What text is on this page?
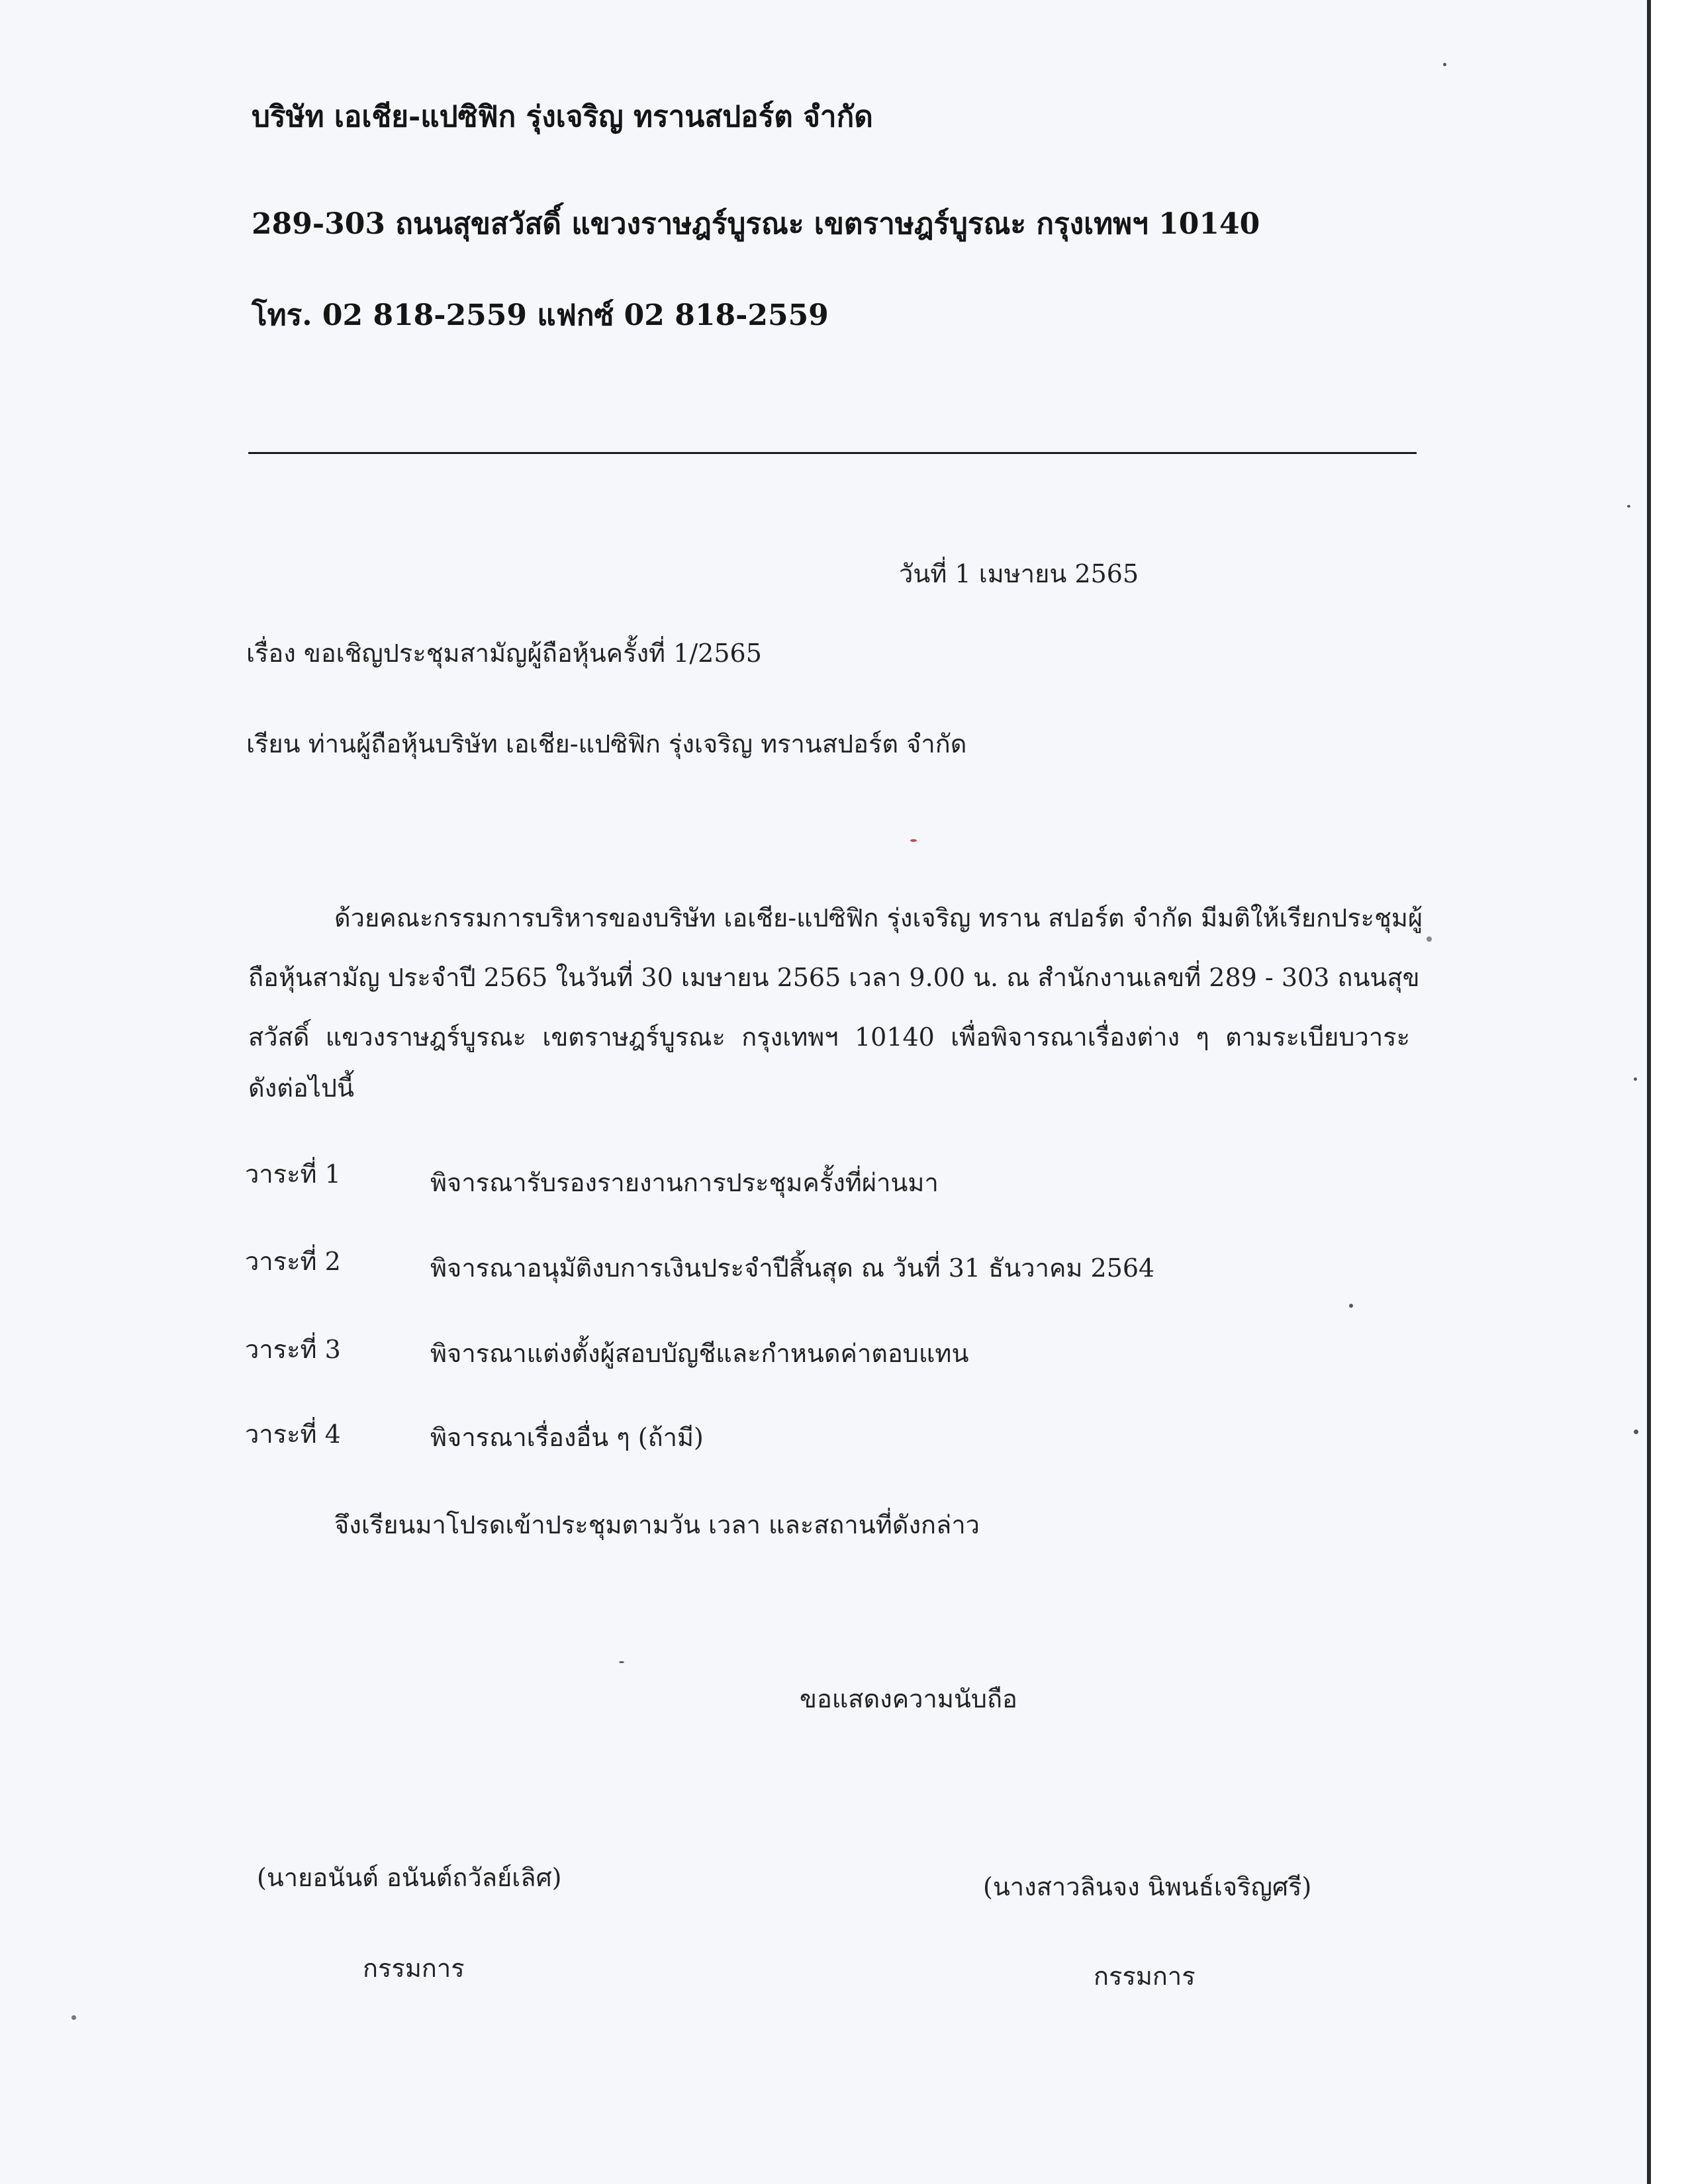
บริษัท เอเชีย-แปซิฟิก รุ่งเจริญ ทรานสปอร์ต จำกัด
289-303 ถนนสุขสวัสดิ์ แขวงราษฎร์บูรณะ เขตราษฎร์บูรณะ กรุงเทพฯ 10140
โทร. 02 818-2559 แฟกซ์ 02 818-2559
วันที่ 1 เมษายน 2565
เรื่อง ขอเชิญประชุมสามัญผู้ถือหุ้นครั้งที่ 1/2565
เรียน ท่านผู้ถือหุ้นบริษัท เอเชีย-แปซิฟิก รุ่งเจริญ ทรานสปอร์ต จำกัด
ด้วยคณะกรรมการบริหารของบริษัท เอเชีย-แปซิฟิก รุ่งเจริญ ทราน สปอร์ต จำกัด มีมติให้เรียกประชุมผู้
ถือหุ้นสามัญ ประจำปี 2565 ในวันที่ 30 เมษายน 2565 เวลา 9.00 น. ณ สำนักงานเลขที่ 289 - 303 ถนนสุข
สวัสดิ์ แขวงราษฎร์บูรณะ เขตราษฎร์บูรณะ กรุงเทพฯ 10140 เพื่อพิจารณาเรื่องต่าง ๆ ตามระเบียบวาระ
ดังต่อไปนี้
วาระที่ 1	พิจารณารับรองรายงานการประชุมครั้งที่ผ่านมา
วาระที่ 2	พิจารณาอนุมัติงบการเงินประจำปีสิ้นสุด ณ วันที่ 31 ธันวาคม 2564
วาระที่ 3	พิจารณาแต่งตั้งผู้สอบบัญชีและกำหนดค่าตอบแทน
วาระที่ 4	พิจารณาเรื่องอื่น ๆ (ถ้ามี)
จึงเรียนมาโปรดเข้าประชุมตามวัน เวลา และสถานที่ดังกล่าว
ขอแสดงความนับถือ
(นายอนันต์ อนันต์ถวัลย์เลิศ)
กรรมการ
(นางสาวลินจง นิพนธ์เจริญศรี)
กรรมการ
